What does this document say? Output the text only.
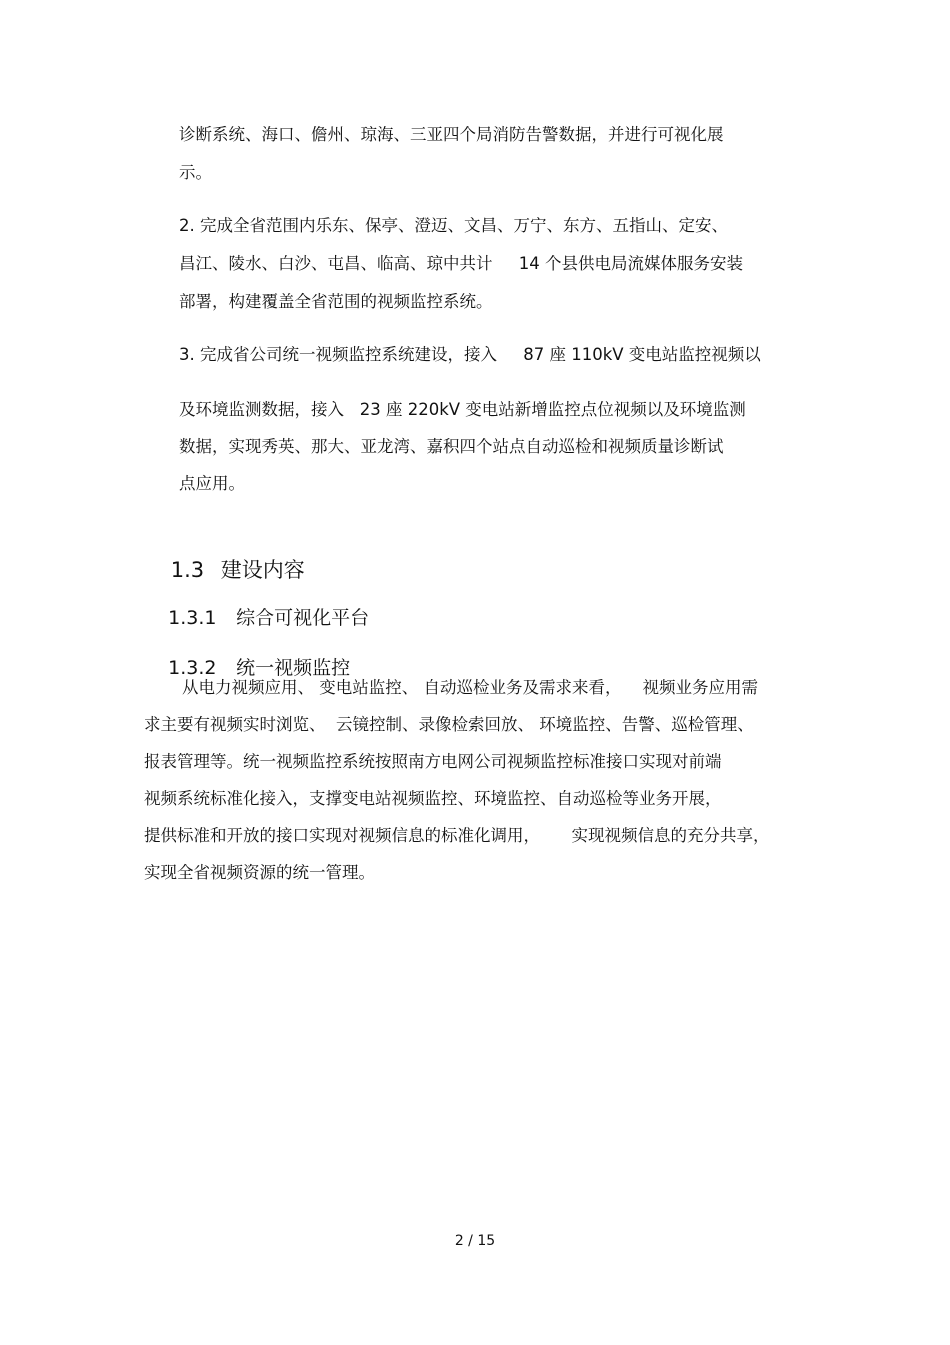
诊断系统、海口、儋州、琼海、三亚四个局消防告警数据，并进行可视化展
示。
2. 完成全省范围内乐东、保亭、澄迈、文昌、万宁、东方、五指山、定安、
昌江、陵水、白沙、屯昌、临高、琼中共计     14 个县供电局流媒体服务安装
部署，构建覆盖全省范围的视频监控系统。
3. 完成省公司统一视频监控系统建设，接入     87 座 110kV 变电站监控视频以
及环境监测数据，接入   23 座 220kV 变电站新增监控点位视频以及环境监测
数据，实现秀英、那大、亚龙湾、嘉积四个站点自动巡检和视频质量诊断试
点应用。

1.3 建设内容

1.3.1 综合可视化平台

1.3.2 统一视频监控

从电力视频应用、 变电站监控、 自动巡检业务及需求来看，    视频业务应用需
求主要有视频实时浏览、  云镜控制、录像检索回放、 环境监控、告警、巡检管理、
报表管理等。统一视频监控系统按照南方电网公司视频监控标准接口实现对前端
视频系统标准化接入，支撑变电站视频监控、环境监控、自动巡检等业务开展，
提供标准和开放的接口实现对视频信息的标准化调用，      实现视频信息的充分共享，
实现全省视频资源的统一管理。
2 / 15
